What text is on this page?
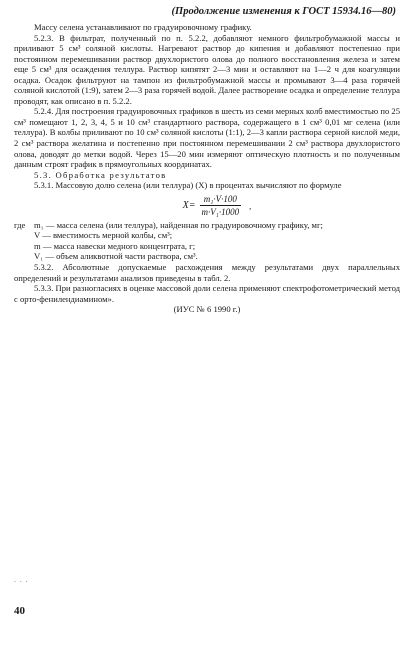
(Продолжение изменения к ГОСТ 15934.16—80)

Массу селена устанавливают по градуировочному графику.

5.2.3. В фильтрат, полученный по п. 5.2.2, добавляют немного фильтробумажной массы и приливают 5 см³ соляной кислоты. Нагревают раствор до кипения и добавляют постепенно при постоянном перемешивании раствор двухлористого олова до полного восстановления железа и затем еще 5 см³ для осаждения теллура. Раствор кипятят 2—3 мин и оставляют на 1—2 ч для коагуляции осадка. Осадок фильтруют на тампон из фильтробумажной массы и промывают 3—4 раза горячей соляной кислотой (1:9), затем 2—3 раза горячей водой. Далее растворение осадка и определение теллура проводят, как описано в п. 5.2.2.

5.2.4. Для построения градуировочных графиков в шесть из семи мерных колб вместимостью по 25 см³ помещают 1, 2, 3, 4, 5 и 10 см³ стандартного раствора, содержащего в 1 см³ 0,01 мг селена (или теллура). В колбы приливают по 10 см³ соляной кислоты (1:1), 2—3 капли раствора серной кислой меди, 2 см³ раствора желатина и постепенно при постоянном перемешивании 2 см³ раствора двухлористого олова, доводят до метки водой. Через 15—20 мин измеряют оптическую плотность и по полученным данным строят график в прямоугольных координатах.

5.3. Обработка результатов

5.3.1. Массовую долю селена (или теллура) (X) в процентах вычисляют по формуле

$X= \frac{\text{m₁·V·100}}{\text{m·V₁·1000}}$ ,
где	m₁ — масса селена (или теллура), найденная по градуировочному графику, мг;

V — вместимость мерной колбы, см³;

m — масса навески медного концентрата, г;

V₁ — объем аликвотной части раствора, см³.

5.3.2. Абсолютные допускаемые расхождения между результатами двух параллельных определений и результатами анализов приведены в табл. 2.

5.3.3. При разногласиях в оценке массовой доли селена применяют спектрофотометрический метод с орто-фенилендиамином».

(ИУС № 6 1990 г.)

. . .
40
